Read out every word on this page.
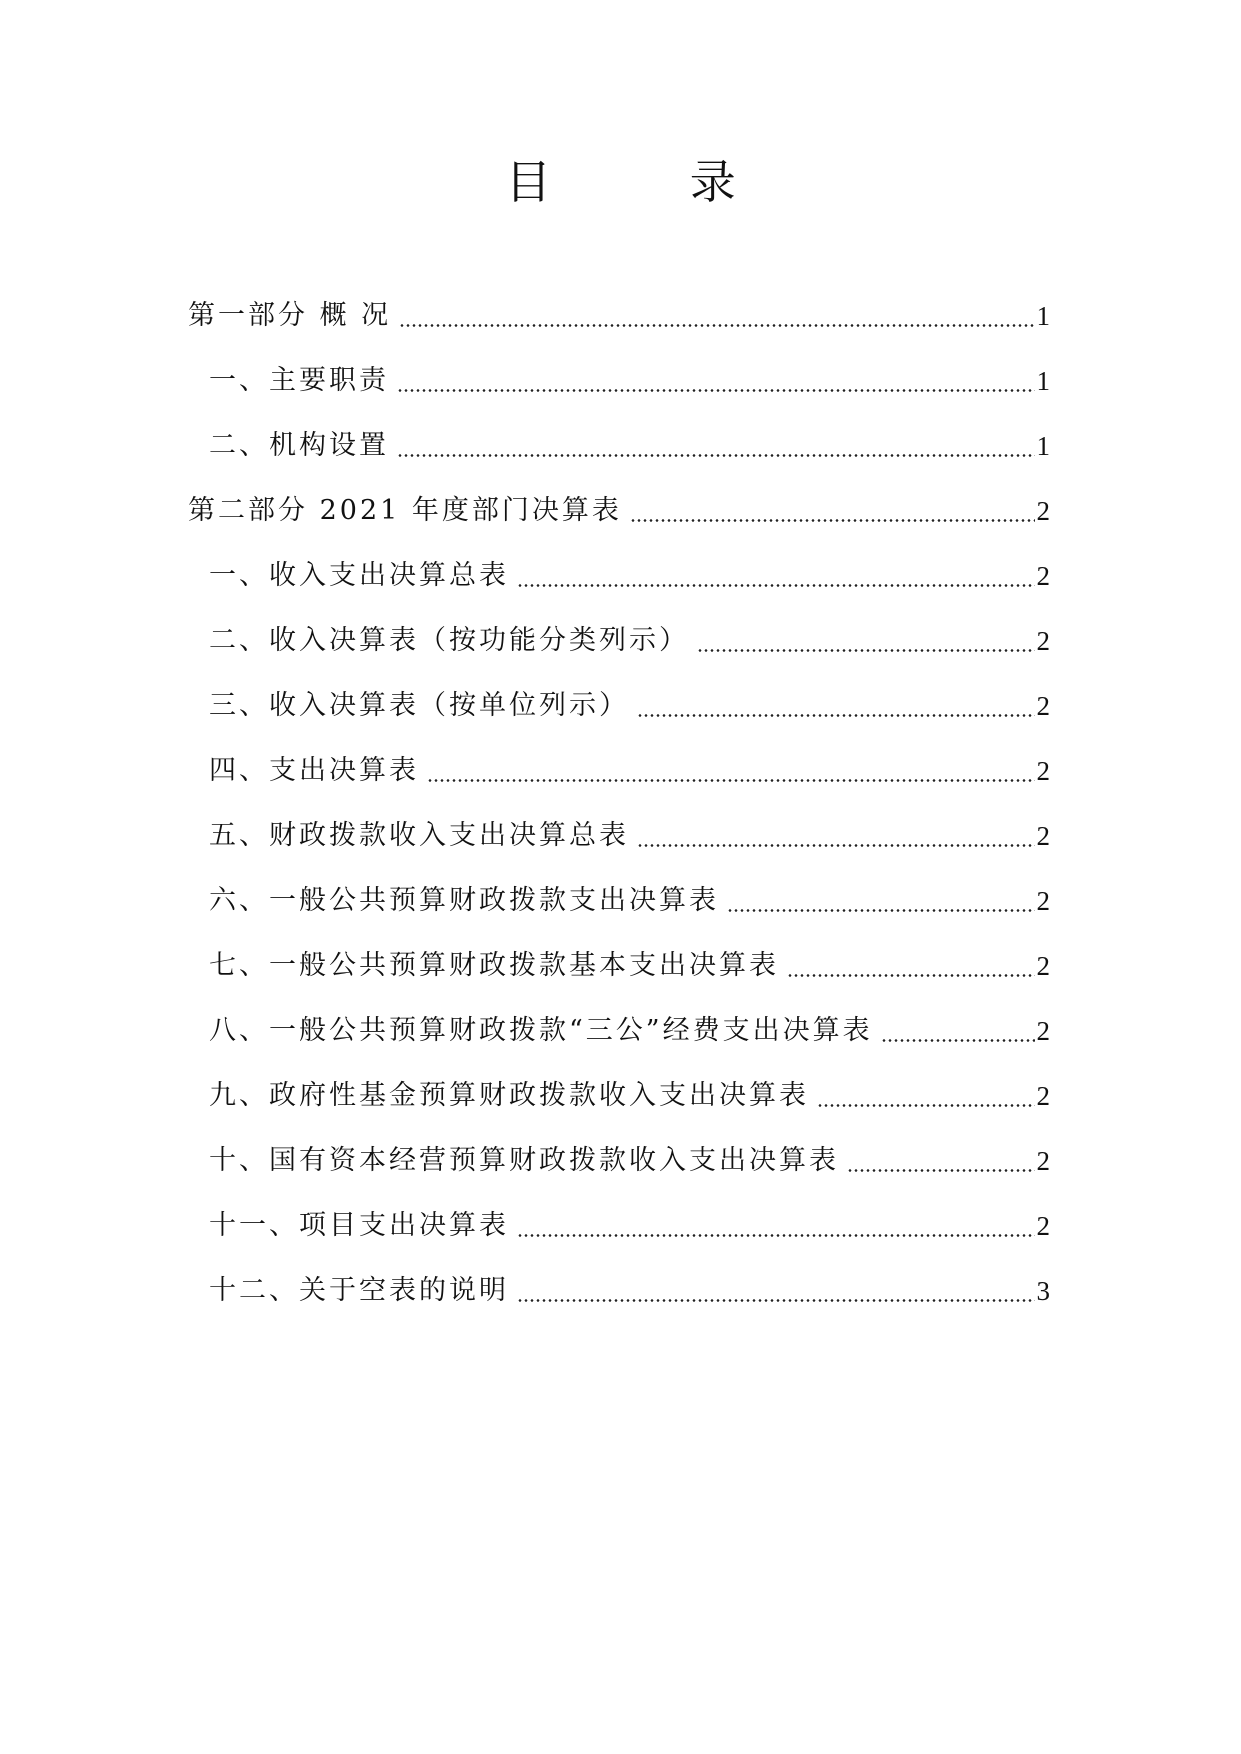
目 录
第一部分 概 况	1
一、主要职责	1
二、机构设置	1
第二部分 2021 年度部门决算表	2
一、收入支出决算总表	2
二、收入决算表（按功能分类列示）	2
三、收入决算表（按单位列示）	2
四、支出决算表	2
五、财政拨款收入支出决算总表	2
六、一般公共预算财政拨款支出决算表	2
七、一般公共预算财政拨款基本支出决算表	2
八、一般公共预算财政拨款“三公”经费支出决算表	2
九、政府性基金预算财政拨款收入支出决算表	2
十、国有资本经营预算财政拨款收入支出决算表	2
十一、项目支出决算表	2
十二、关于空表的说明	3
